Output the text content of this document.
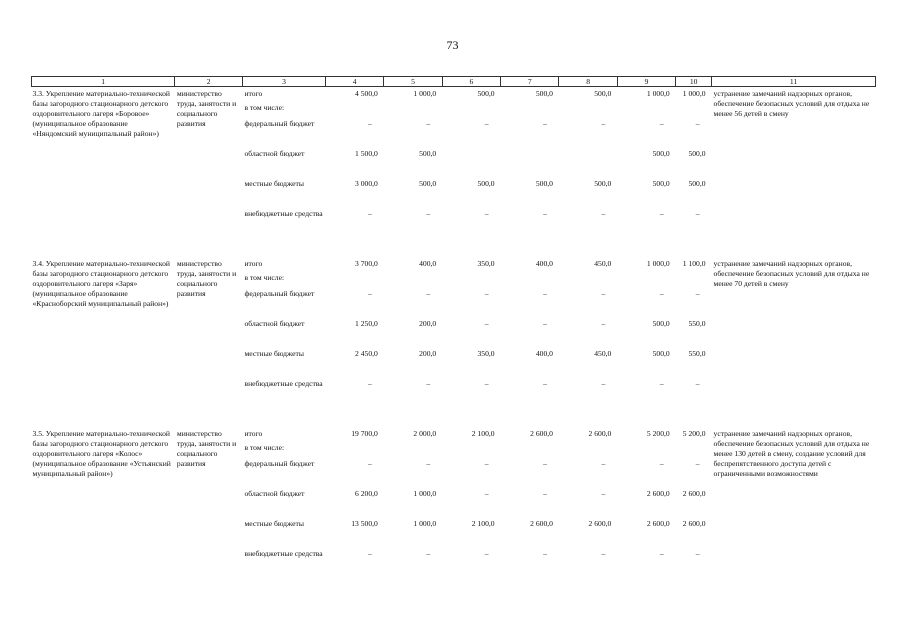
73
1	2	3	4	5	6	7	8	9	10	11
3.3. Укрепление материально-технической базы загородного стационарного детского оздоровительного лагеря «Боровое» (муниципальное образование «Няндомский муниципальный район»)	министерство труда, занятости и социального развития	итого	4 500,0	1 000,0	500,0	500,0	500,0	1 000,0	1 000,0	устранение замечаний надзорных органов, обеспечение безопасных условий для отдыха не менее 56 детей в смену
		в том числе:								
		федеральный бюджет	–	–	–	–	–	–	–	
		областной бюджет	1 500,0	500,0				500,0	500,0	
		местные бюджеты	3 000,0	500,0	500,0	500,0	500,0	500,0	500,0	
		внебюджетные средства	–	–	–	–	–	–	–	

3.4. Укрепление материально-технической базы загородного стационарного детского оздоровительного лагеря «Заря» (муниципальное образование «Красноборский муниципальный район»)	министерство труда, занятости и социального развития	итого	3 700,0	400,0	350,0	400,0	450,0	1 000,0	1 100,0	устранение замечаний надзорных органов, обеспечение безопасных условий для отдыха не менее 70 детей в смену
		в том числе:								
		федеральный бюджет	–	–	–	–	–	–	–	
		областной бюджет	1 250,0	200,0	–	–	–	500,0	550,0	
		местные бюджеты	2 450,0	200,0	350,0	400,0	450,0	500,0	550,0	
		внебюджетные средства	–	–	–	–	–	–	–	

3.5. Укрепление материально-технической базы загородного стационарного детского оздоровительного лагеря «Колос» (муниципальное образование «Устьянский муниципальный район»)	министерство труда, занятости и социального развития	итого	19 700,0	2 000,0	2 100,0	2 600,0	2 600,0	5 200,0	5 200,0	устранение замечаний надзорных органов, обеспечение безопасных условий для отдыха не менее 130 детей в смену, создание условий для беспрепятственного доступа детей с ограниченными возможностями
		в том числе:								
		федеральный бюджет	–	–	–	–	–	–	–	
		областной бюджет	6 200,0	1 000,0	–	–	–	2 600,0	2 600,0	
		местные бюджеты	13 500,0	1 000,0	2 100,0	2 600,0	2 600,0	2 600,0	2 600,0	
		внебюджетные средства	–	–	–	–	–	–	–	
